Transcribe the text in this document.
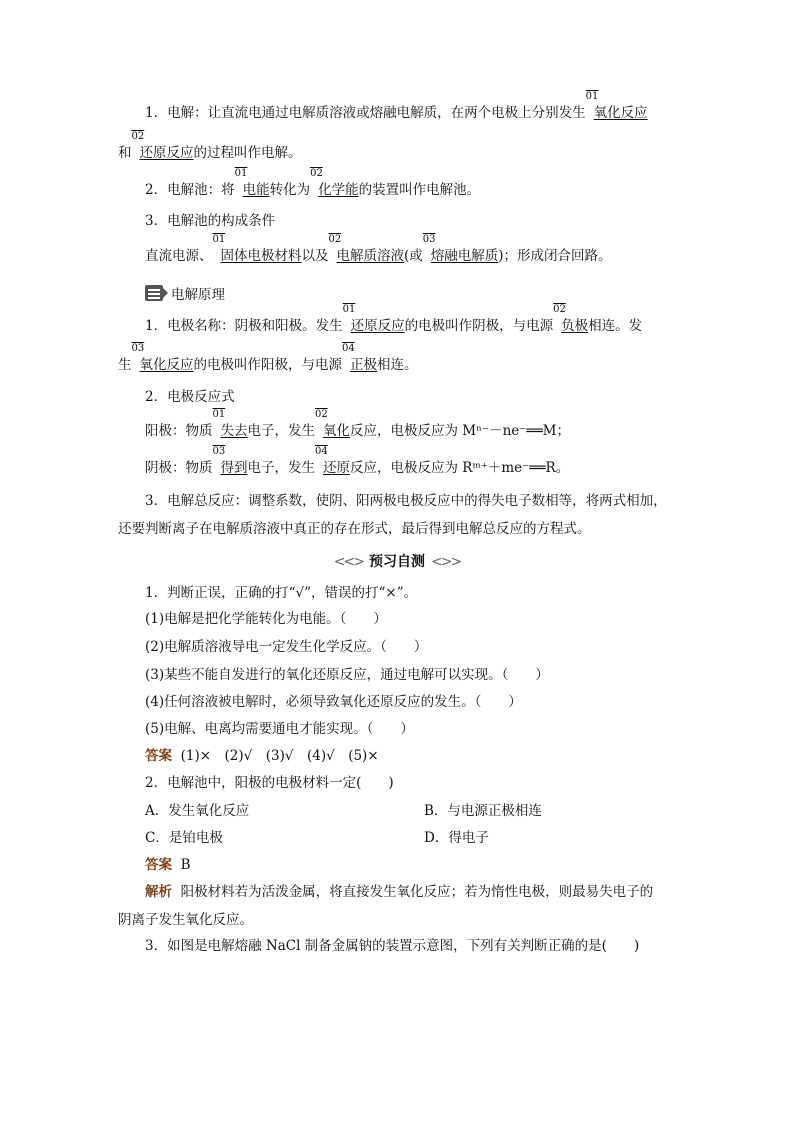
1．电解：让直流电通过电解质溶液或熔融电解质，在两个电极上分别发生
01
氧化反应
和
02
还原反应的过程叫作电解。
2．电解池：将
01
电能转化为
02
化学能的装置叫作电解池。
3．电解池的构成条件
直流电源、
01
固体电极材料以及
02
电解质溶液(或
03
熔融电解质)；形成闭合回路。
电解原理
1．电极名称：阴极和阳极。发生
01
还原反应的电极叫作阴极，与电源
02
负极相连。发
生
03
氧化反应的电极叫作阳极，与电源
04
正极相连。
2．电极反应式
阳极：物质
01
失去电子，发生
02
氧化反应，电极反应为 Mⁿ⁻－ne⁻══M；
阴极：物质
03
得到电子，发生
04
还原反应，电极反应为 Rᵐ⁺＋me⁻══R。
3．电解总反应：调整系数，使阴、阳两极电极反应中的得失电子数相等，将两式相加，
还要判断离子在电解质溶液中真正的存在形式，最后得到电解总反应的方程式。
<<> 预习自测 <>>
1．判断正误，正确的打“√”，错误的打“×”。
(1)电解是把化学能转化为电能。（　　）
(2)电解质溶液导电一定发生化学反应。（　　）
(3)某些不能自发进行的氧化还原反应，通过电解可以实现。（　　）
(4)任何溶液被电解时，必须导致氧化还原反应的发生。（　　）
(5)电解、电离均需要通电才能实现。（　　）
答案 (1)×　(2)√　(3)√　(4)√　(5)×
2．电解池中，阳极的电极材料一定(　　)
A．发生氧化反应	B．与电源正极相连
C．是铂电极	D．得电子
答案 B
解析 阳极材料若为活泼金属，将直接发生氧化反应；若为惰性电极，则最易失电子的
阴离子发生氧化反应。
3．如图是电解熔融 NaCl 制备金属钠的装置示意图，下列有关判断正确的是(　　)
